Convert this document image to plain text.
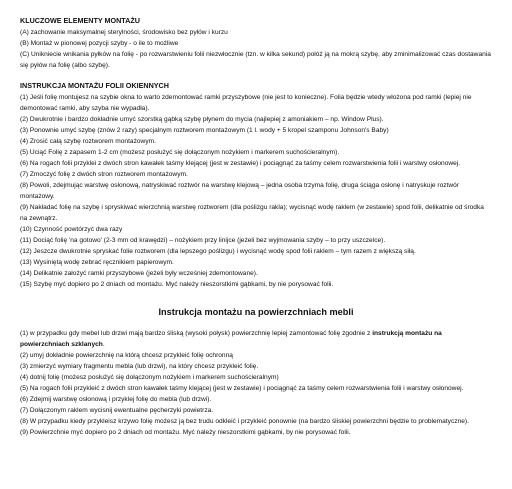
KLUCZOWE ELEMENTY MONTAŻU

(A) zachowanie maksymalnej sterylności, środowisko bez pyłów i kurzu

(B) Montaż w pionowej pozycji szyby - o ile to możliwe

(C) Unikniecie wnikania pyłków na folię - po rozwarstwieniu folii niezwłocznie (tzn. w kilka sekund) połóż ją na mokrą szybę, aby zminimalizować czas dostawania się pyłów na folię (albo szybę).

INSTRUKCJA MONTAŻU FOLII OKIENNYCH

(1) Jeśli folię montujesz na szybie okna to warto zdemontować ramki przyszybowe (nie jest to konieczne). Folia będzie wtedy włożona pod ramki (lepiej nie demontować ramki, aby szyba nie wypadła).

(2) Dwukrotnie i bardzo dokładnie umyć szorstką gąbką szybę płynem do mycia (najlepiej z amoniakiem – np. Window Plus).

(3) Ponownie umyć szybę (znów 2 razy) specjalnym roztworem montażowym (1 l. wody + 5 kropel szamponu Johnson's Baby)

(4) Zrosić całą szybę roztworem montażowym.

(5) Uciąć Folię z zapasem 1-2 cm (możesz posłużyć się dołączonym nożykiem i markerem suchościeralnym).

(6) Na rogach folii przyklei z dwóch stron kawałek taśmy klejącej (jest w zestawie) i pociągnąć za taśmy celem rozwarstwienia folii i warstwy osłonowej.

(7) Zmoczyć folię z dwóch stron roztworem montażowym.

(8) Powoli, zdejmując warstwę osłonową, natryskiwać roztwór na warstwę klejową – jedna osoba trzyma folię, druga ściąga osłonę i natryskuje roztwór montażowy.

(9) Nakładać folię na szybę i spryskiwać wierzchnią warstwę roztworem (dla poślizgu rakla); wycisnąć wodę raklem (w zestawie) spod folii, delikatnie od środka na zewnątrz.

(10) Czynność powtórzyć dwa razy

(11) Dociąć folię 'na gotowo' (2-3 mm od krawędzi) – nożykiem przy linijce (jeżeli bez wyjmowania szyby – to przy uszczelce).

(12) Jeszcze dwukrotnie spryskać folie roztworem (dla lepszego poślizgu) i wycisnąć wodę spod folii raklem – tym razem z większą siłą.

(13) Wysiniętą wodę zebrać ręcznikiem papierowym.

(14) Delikatnie założyć ramki przyszybowe (jeżeli były wcześniej zdemontowane).

(15) Szybę myć dopiero po 2 dniach od montażu. Myć należy nieszorstkimi gąbkami, by nie porysować folii.

Instrukcja montażu na powierzchniach mebli

(1) w przypadku gdy mebel lub drzwi mają bardzo śliską (wysoki połysk) powierzchnię lepiej zamontować folię zgodnie z instrukcją montażu na powierzchniach szklanych.

(2) umyj dokładnie powierzchnię na którą chcesz przykleić folię ochronną

(3) zmierzyć wymiary fragmentu mebla (lub drzwi), na który chcesz przykleić folię.

(4) dotnij folię (możesz posłużyć się dołączonym nożykiem i markerem suchościeralnym)

(5) Na rogach folii przykleić z dwóch stron kawałek taśmy klejącej (jest w zestawie) i pociągnąć za taśmy celem rozwarstwienia folii i warstwy osłonowej.

(6) Zdejmij warstwę osłonową i przyklej folię do mebla (lub drzwi).

(7) Dołączonym raklem wycisnij ewentualne pęcherzyki powietrza.

(8) W przypadku kiedy przykleisz krzywo folię możesz ją bez trudu odkleić i przykleić ponownie (na bardzo śliskiej powierzchni będzie to problematyczne).

(9) Powierzchnie myć dopiero po 2 dniach od montażu. Myć należy nieszorstkimi gąbkami, by nie porysować folii.
